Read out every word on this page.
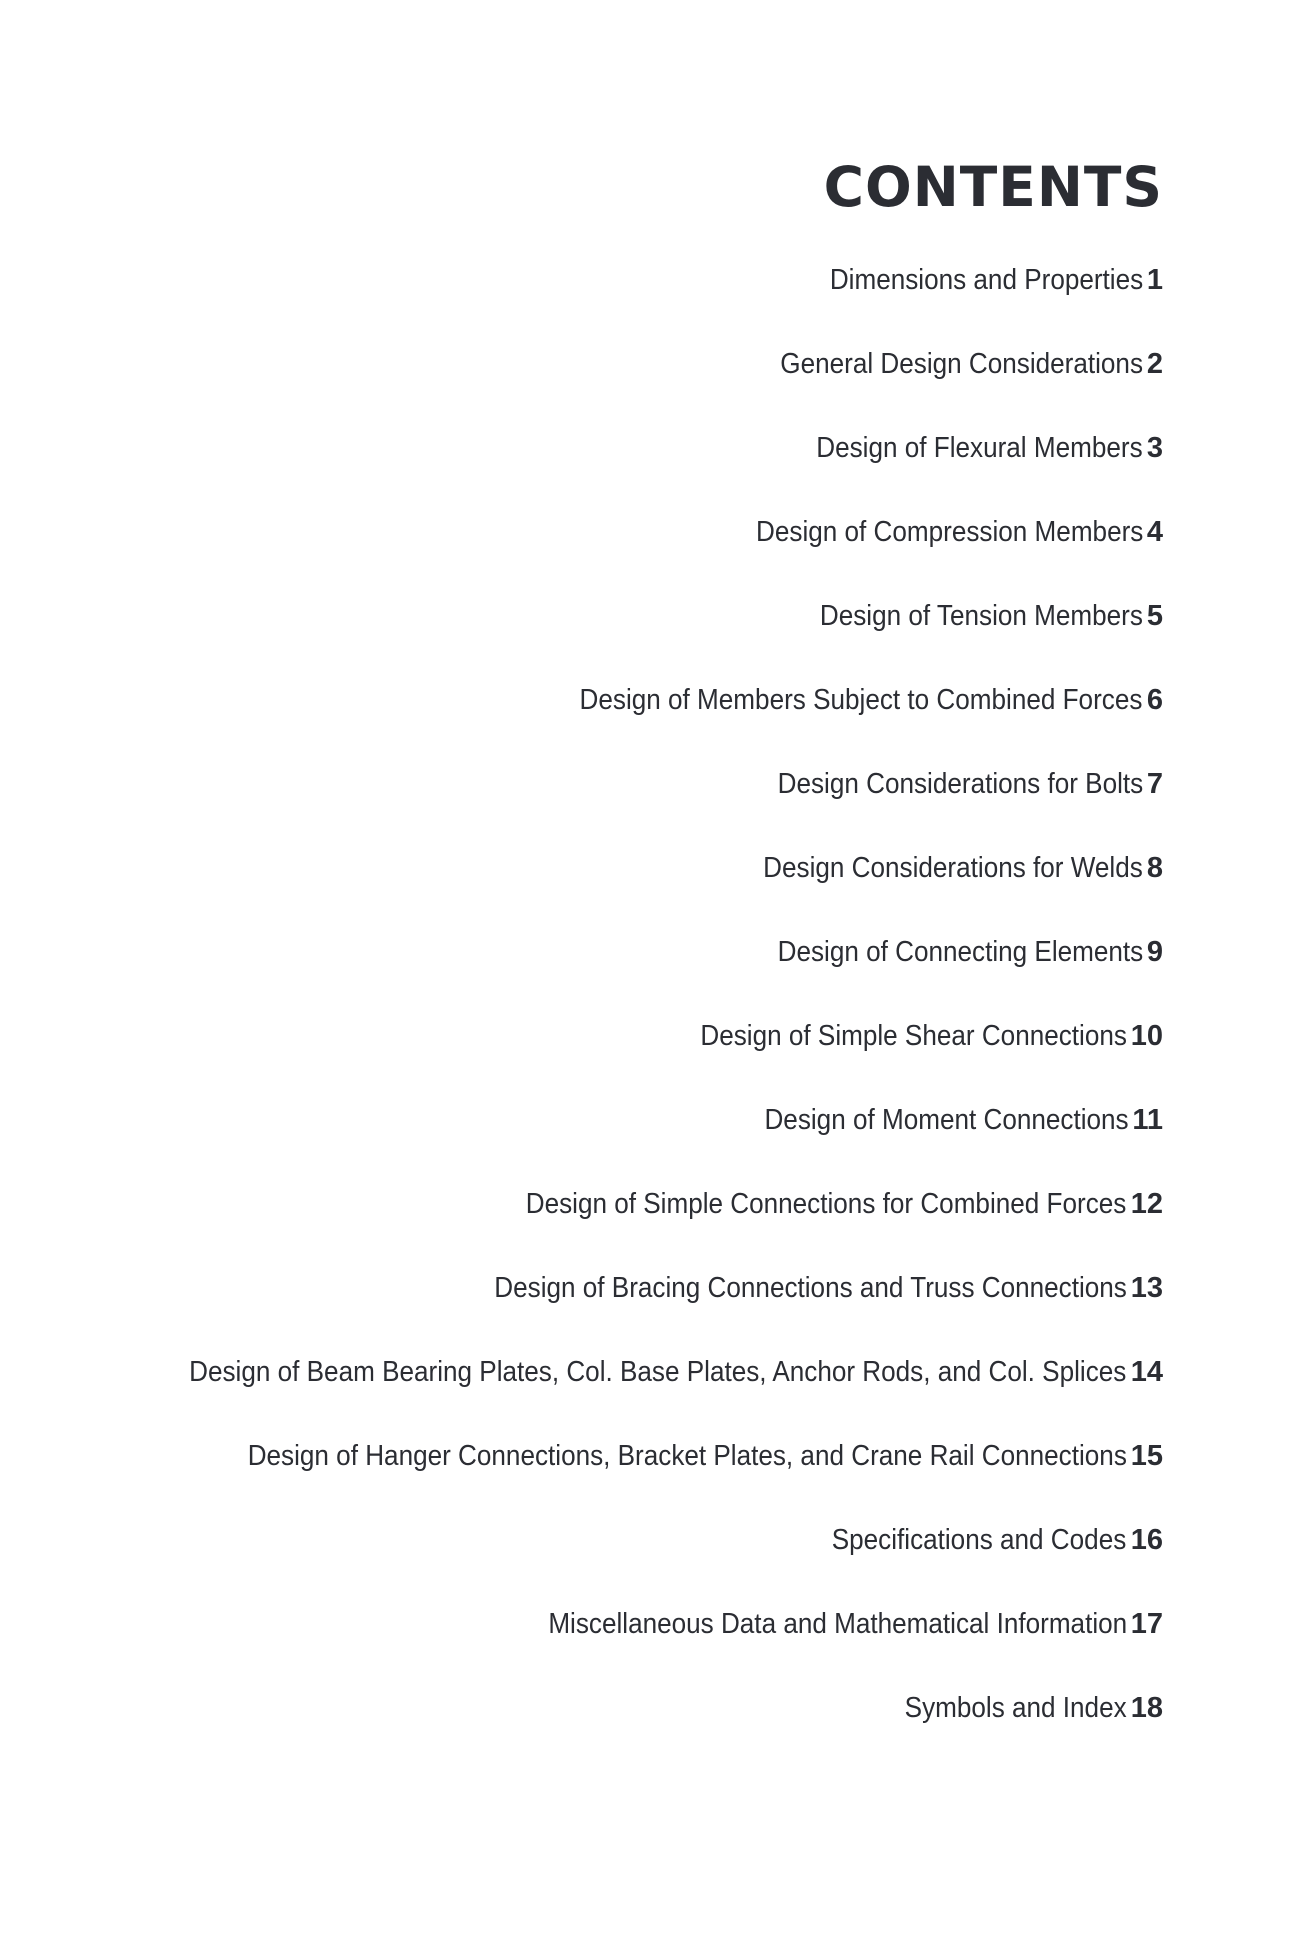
CONTENTS
Dimensions and Properties 1
General Design Considerations 2
Design of Flexural Members 3
Design of Compression Members 4
Design of Tension Members 5
Design of Members Subject to Combined Forces 6
Design Considerations for Bolts 7
Design Considerations for Welds 8
Design of Connecting Elements 9
Design of Simple Shear Connections 10
Design of Moment Connections 11
Design of Simple Connections for Combined Forces 12
Design of Bracing Connections and Truss Connections 13
Design of Beam Bearing Plates, Col. Base Plates, Anchor Rods, and Col. Splices 14
Design of Hanger Connections, Bracket Plates, and Crane Rail Connections 15
Specifications and Codes 16
Miscellaneous Data and Mathematical Information 17
Symbols and Index 18
